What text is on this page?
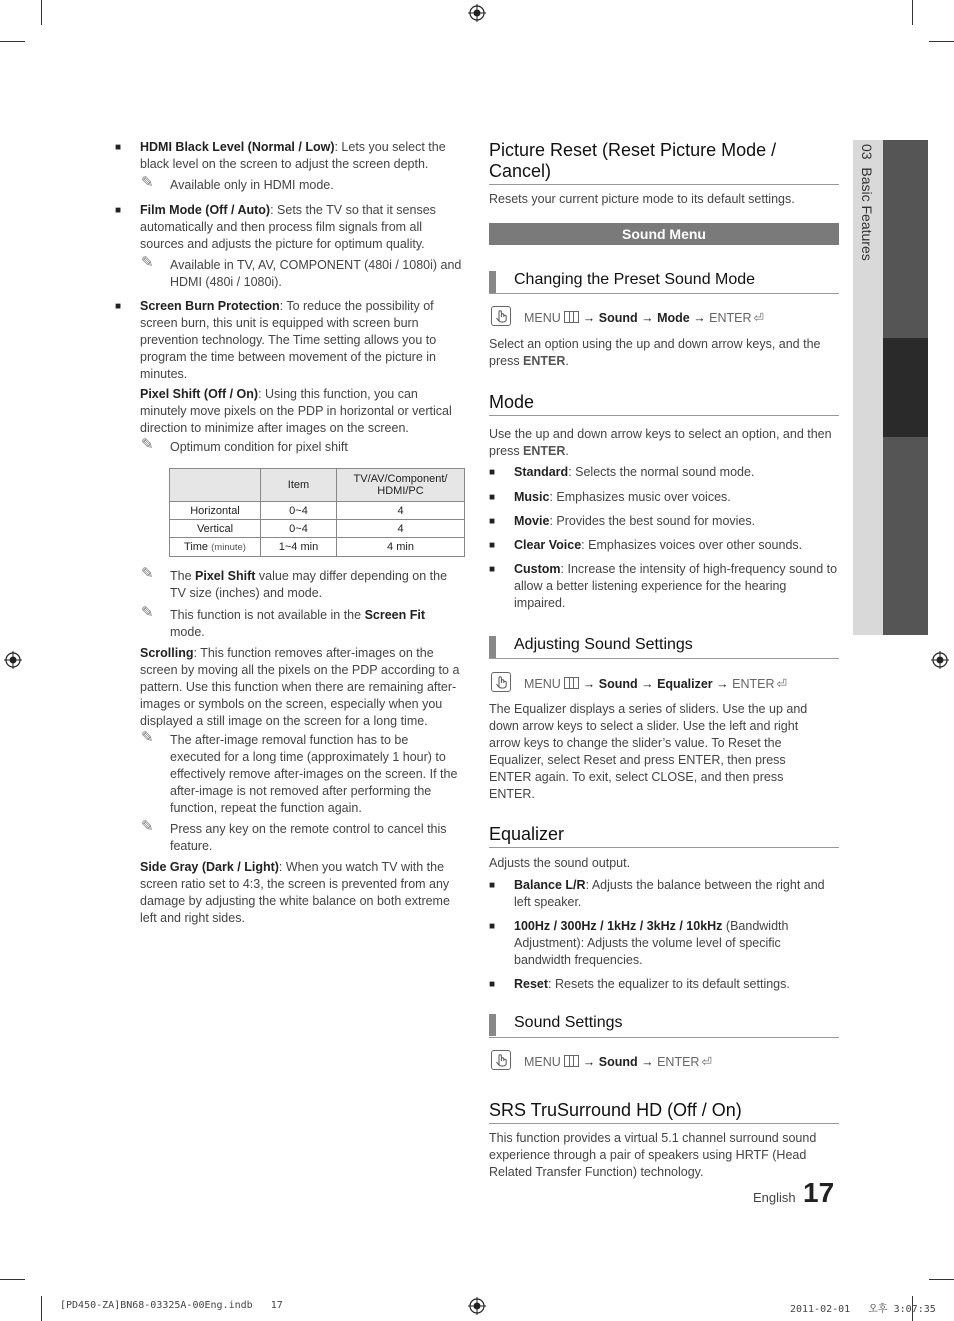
■ HDMI Black Level (Normal / Low): Lets you select the black level on the screen to adjust the screen depth.
✎ Available only in HDMI mode.
■ Film Mode (Off / Auto): Sets the TV so that it senses automatically and then process film signals from all sources and adjusts the picture for optimum quality.
✎ Available in TV, AV, COMPONENT (480i / 1080i) and HDMI (480i / 1080i).
■ Screen Burn Protection: To reduce the possibility of screen burn, this unit is equipped with screen burn prevention technology. The Time setting allows you to program the time between movement of the picture in minutes.
Pixel Shift (Off / On): Using this function, you can minutely move pixels on the PDP in horizontal or vertical direction to minimize after images on the screen.
✎ Optimum condition for pixel shift
	Item	TV/AV/Component/ HDMI/PC
Horizontal	0~4	4
Vertical	0~4	4
Time (minute)	1~4 min	4 min
✎ The Pixel Shift value may differ depending on the TV size (inches) and mode.
✎ This function is not available in the Screen Fit mode.
Scrolling: This function removes after-images on the screen by moving all the pixels on the PDP according to a pattern. Use this function when there are remaining after-images or symbols on the screen, especially when you displayed a still image on the screen for a long time.
✎ The after-image removal function has to be executed for a long time (approximately 1 hour) to effectively remove after-images on the screen. If the after-image is not removed after performing the function, repeat the function again.
✎ Press any key on the remote control to cancel this feature.
Side Gray (Dark / Light): When you watch TV with the screen ratio set to 4:3, the screen is prevented from any damage by adjusting the white balance on both extreme left and right sides.
Picture Reset (Reset Picture Mode / Cancel)
Resets your current picture mode to its default settings.
Sound Menu
Changing the Preset Sound Mode
MENU → Sound → Mode → ENTER ⏎
Select an option using the up and down arrow keys, and the press ENTER.
Mode
Use the up and down arrow keys to select an option, and then press ENTER.
■ Standard: Selects the normal sound mode.
■ Music: Emphasizes music over voices.
■ Movie: Provides the best sound for movies.
■ Clear Voice: Emphasizes voices over other sounds.
■ Custom: Increase the intensity of high-frequency sound to allow a better listening experience for the hearing impaired.
Adjusting Sound Settings
MENU → Sound → Equalizer → ENTER ⏎
The Equalizer displays a series of sliders. Use the up and down arrow keys to select a slider. Use the left and right arrow keys to change the slider’s value. To Reset the Equalizer, select Reset and press ENTER, then press ENTER again. To exit, select CLOSE, and then press ENTER.
Equalizer
Adjusts the sound output.
■ Balance L/R: Adjusts the balance between the right and left speaker.
■ 100Hz / 300Hz / 1kHz / 3kHz / 10kHz (Bandwidth Adjustment): Adjusts the volume level of specific bandwidth frequencies.
■ Reset: Resets the equalizer to its default settings.
Sound Settings
MENU → Sound → ENTER ⏎
SRS TruSurround HD (Off / On)
This function provides a virtual 5.1 channel surround sound experience through a pair of speakers using HRTF (Head Related Transfer Function) technology.
English 17
03  Basic Features
[PD450-ZA]BN68-03325A-00Eng.indb   17	2011-02-01   오후 3:07:35
